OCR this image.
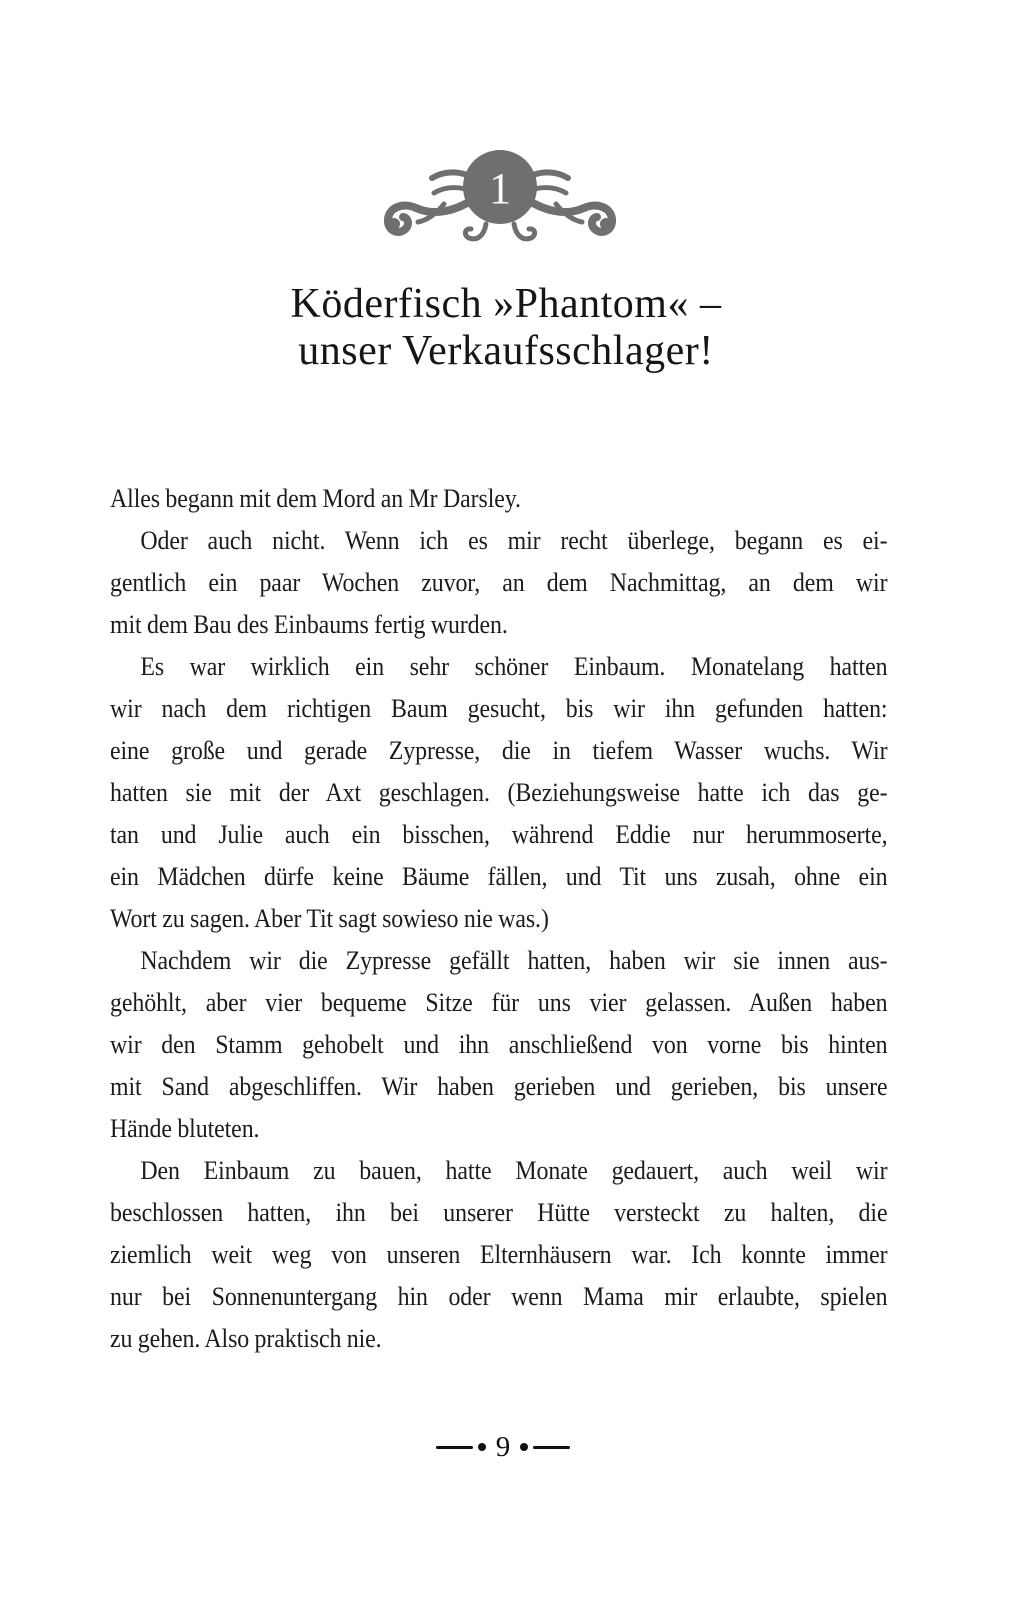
1
Köderfisch »Phantom« –
unser Verkaufsschlager!
Alles begann mit dem Mord an Mr Darsley.
Oder auch nicht. Wenn ich es mir recht überlege, begann es ei-
gentlich ein paar Wochen zuvor, an dem Nachmittag, an dem wir
mit dem Bau des Einbaums fertig wurden.
Es war wirklich ein sehr schöner Einbaum. Monatelang hatten
wir nach dem richtigen Baum gesucht, bis wir ihn gefunden hatten:
eine große und gerade Zypresse, die in tiefem Wasser wuchs. Wir
hatten sie mit der Axt geschlagen. (Beziehungsweise hatte ich das ge-
tan und Julie auch ein bisschen, während Eddie nur herummoserte,
ein Mädchen dürfe keine Bäume fällen, und Tit uns zusah, ohne ein
Wort zu sagen. Aber Tit sagt sowieso nie was.)
Nachdem wir die Zypresse gefällt hatten, haben wir sie innen aus-
gehöhlt, aber vier bequeme Sitze für uns vier gelassen. Außen haben
wir den Stamm gehobelt und ihn anschließend von vorne bis hinten
mit Sand abgeschliffen. Wir haben gerieben und gerieben, bis unsere
Hände bluteten.
Den Einbaum zu bauen, hatte Monate gedauert, auch weil wir
beschlossen hatten, ihn bei unserer Hütte versteckt zu halten, die
ziemlich weit weg von unseren Elternhäusern war. Ich konnte immer
nur bei Sonnenuntergang hin oder wenn Mama mir erlaubte, spielen
zu gehen. Also praktisch nie.
9
